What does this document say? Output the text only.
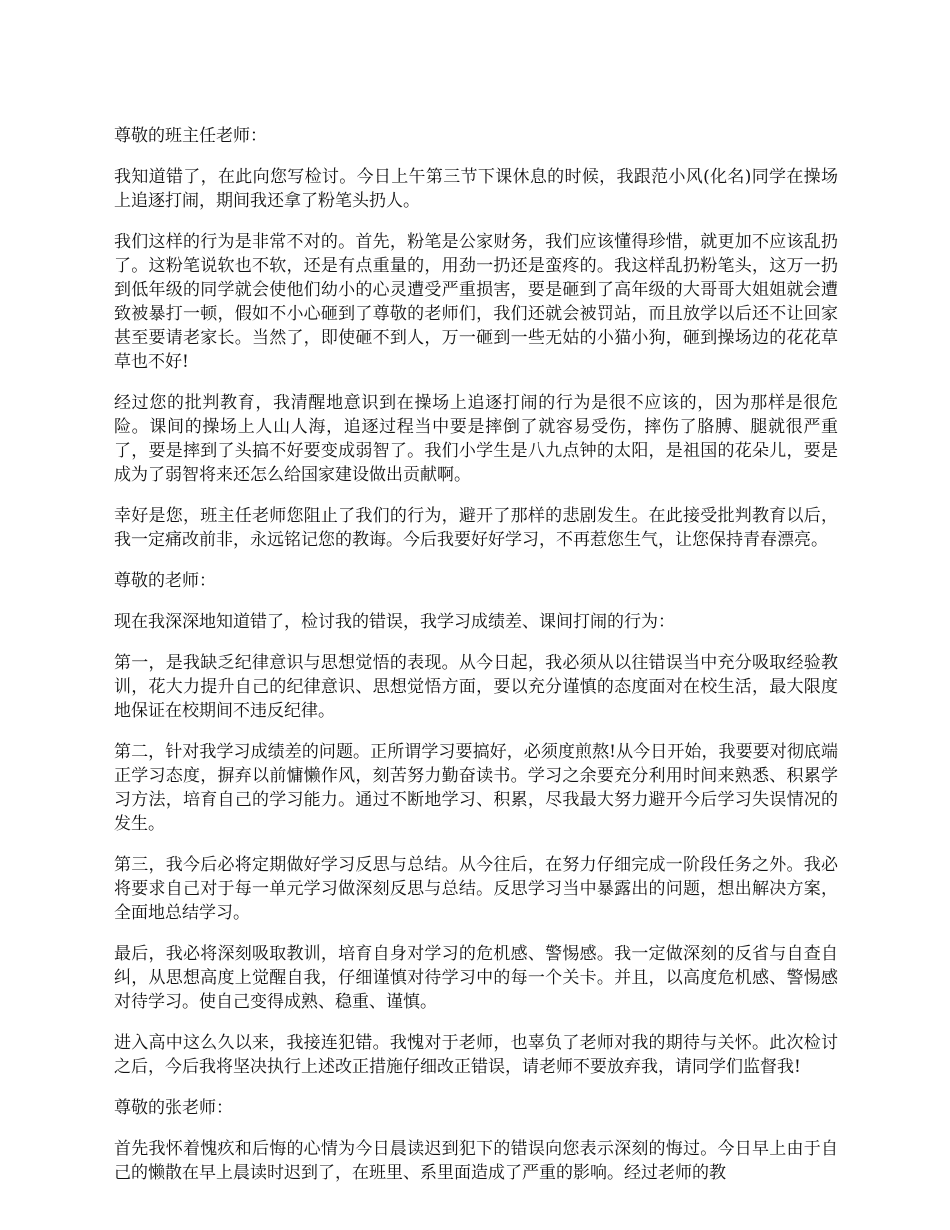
尊敬的班主任老师：

我知道错了，在此向您写检讨。今日上午第三节下课休息的时候，我跟范小风(化名)同学在操场上追逐打闹，期间我还拿了粉笔头扔人。

我们这样的行为是非常不对的。首先，粉笔是公家财务，我们应该懂得珍惜，就更加不应该乱扔了。这粉笔说软也不软，还是有点重量的，用劲一扔还是蛮疼的。我这样乱扔粉笔头，这万一扔到低年级的同学就会使他们幼小的心灵遭受严重损害，要是砸到了高年级的大哥哥大姐姐就会遭致被暴打一顿，假如不小心砸到了尊敬的老师们，我们还就会被罚站，而且放学以后还不让回家甚至要请老家长。当然了，即使砸不到人，万一砸到一些无姑的小猫小狗，砸到操场边的花花草草也不好!

经过您的批判教育，我清醒地意识到在操场上追逐打闹的行为是很不应该的，因为那样是很危险。课间的操场上人山人海，追逐过程当中要是摔倒了就容易受伤，摔伤了胳膊、腿就很严重了，要是摔到了头搞不好要变成弱智了。我们小学生是八九点钟的太阳，是祖国的花朵儿，要是成为了弱智将来还怎么给国家建设做出贡献啊。

幸好是您，班主任老师您阻止了我们的行为，避开了那样的悲剧发生。在此接受批判教育以后，我一定痛改前非，永远铭记您的教诲。今后我要好好学习，不再惹您生气，让您保持青春漂亮。

尊敬的老师：

现在我深深地知道错了，检讨我的错误，我学习成绩差、课间打闹的行为：

第一，是我缺乏纪律意识与思想觉悟的表现。从今日起，我必须从以往错误当中充分吸取经验教训，花大力提升自己的纪律意识、思想觉悟方面，要以充分谨慎的态度面对在校生活，最大限度地保证在校期间不违反纪律。

第二，针对我学习成绩差的问题。正所谓学习要搞好，必须度煎熬!从今日开始，我要要对彻底端正学习态度，摒弃以前慵懒作风，刻苦努力勤奋读书。学习之余要充分利用时间来熟悉、积累学习方法，培育自己的学习能力。通过不断地学习、积累，尽我最大努力避开今后学习失误情况的发生。

第三，我今后必将定期做好学习反思与总结。从今往后，在努力仔细完成一阶段任务之外。我必将要求自己对于每一单元学习做深刻反思与总结。反思学习当中暴露出的问题，想出解决方案，全面地总结学习。

最后，我必将深刻吸取教训，培育自身对学习的危机感、警惕感。我一定做深刻的反省与自查自纠，从思想高度上觉醒自我，仔细谨慎对待学习中的每一个关卡。并且，以高度危机感、警惕感对待学习。使自己变得成熟、稳重、谨慎。

进入高中这么久以来，我接连犯错。我愧对于老师，也辜负了老师对我的期待与关怀。此次检讨之后，今后我将坚决执行上述改正措施仔细改正错误，请老师不要放弃我，请同学们监督我!

尊敬的张老师：

首先我怀着愧疚和后悔的心情为今日晨读迟到犯下的错误向您表示深刻的悔过。今日早上由于自己的懒散在早上晨读时迟到了，在班里、系里面造成了严重的影响。经过老师的教
